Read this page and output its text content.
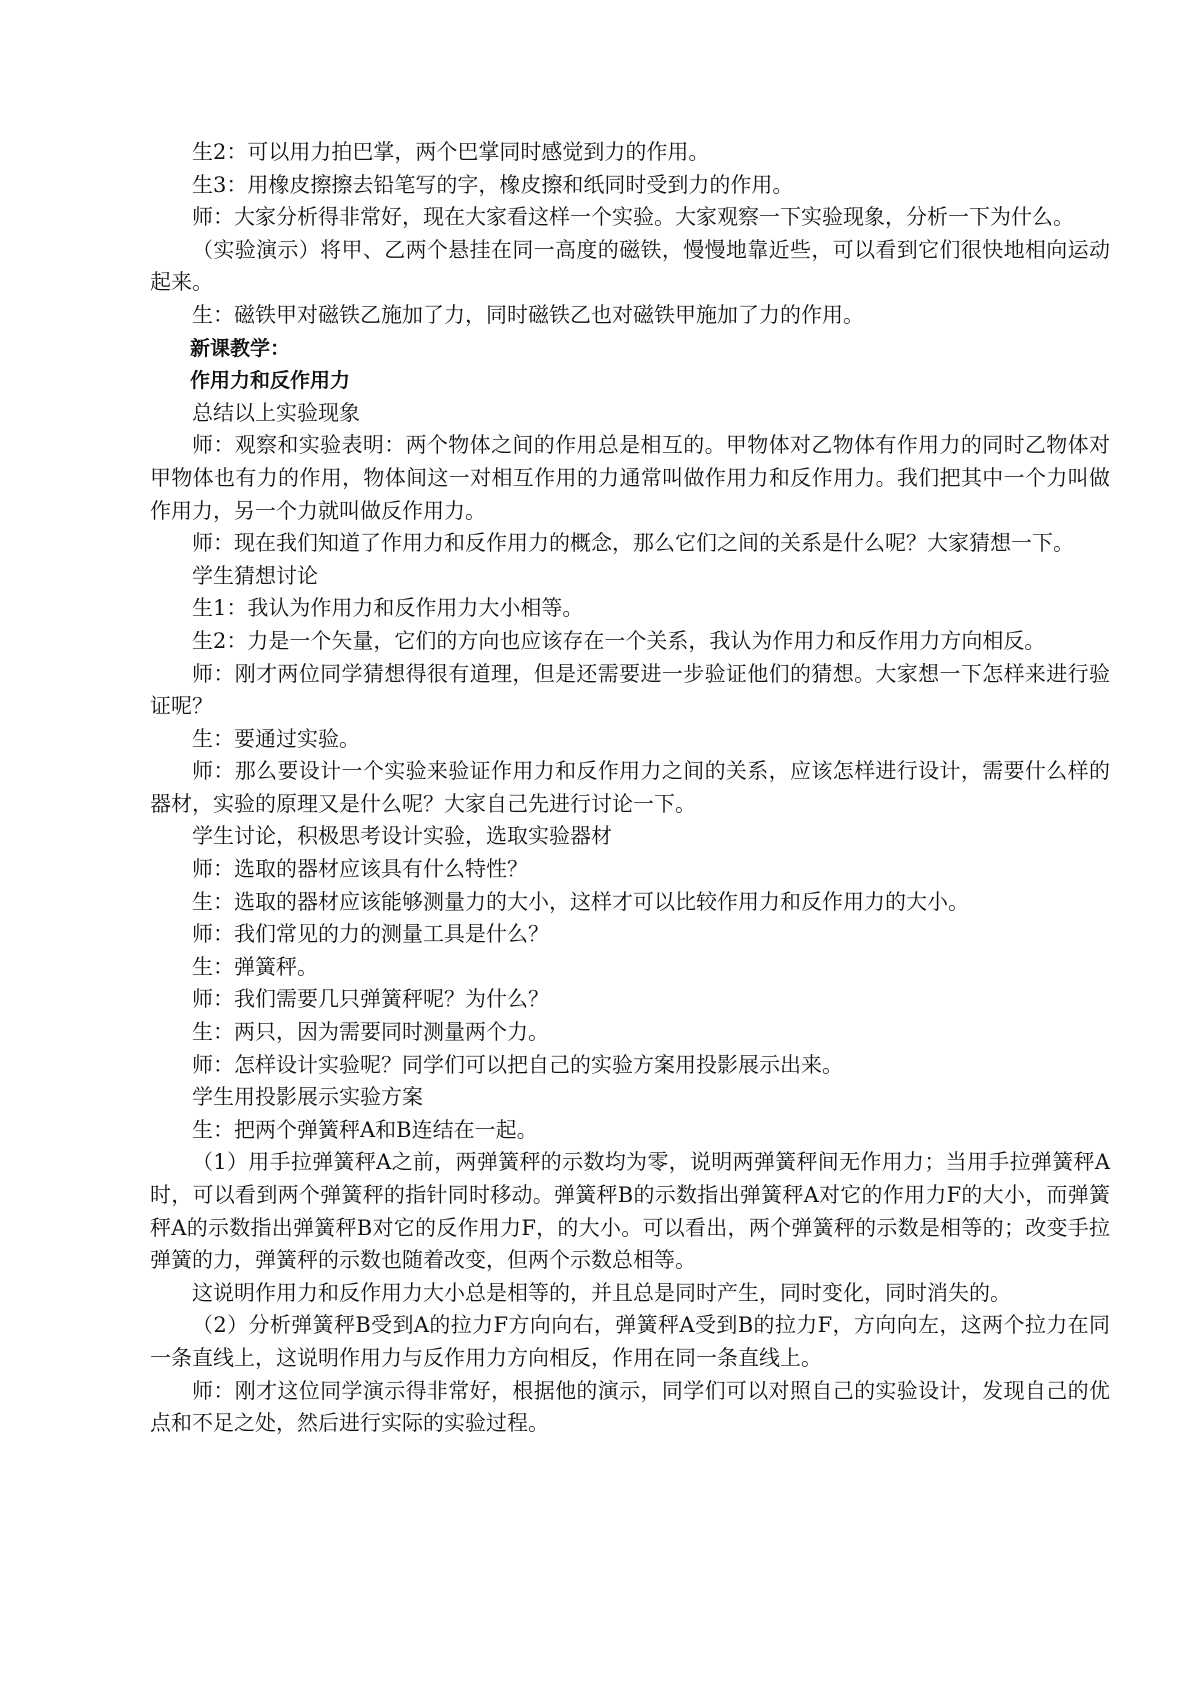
生2：可以用力拍巴掌，两个巴掌同时感觉到力的作用。

生3：用橡皮擦擦去铅笔写的字，橡皮擦和纸同时受到力的作用。

师：大家分析得非常好，现在大家看这样一个实验。大家观察一下实验现象，分析一下为什么。

（实验演示）将甲、乙两个悬挂在同一高度的磁铁，慢慢地靠近些，可以看到它们很快地相向运动起来。

生：磁铁甲对磁铁乙施加了力，同时磁铁乙也对磁铁甲施加了力的作用。

新课教学：

作用力和反作用力

总结以上实验现象

师：观察和实验表明：两个物体之间的作用总是相互的。甲物体对乙物体有作用力的同时乙物体对甲物体也有力的作用，物体间这一对相互作用的力通常叫做作用力和反作用力。我们把其中一个力叫做作用力，另一个力就叫做反作用力。

师：现在我们知道了作用力和反作用力的概念，那么它们之间的关系是什么呢？大家猜想一下。

学生猜想讨论

生1：我认为作用力和反作用力大小相等。

生2：力是一个矢量，它们的方向也应该存在一个关系，我认为作用力和反作用力方向相反。

师：刚才两位同学猜想得很有道理，但是还需要进一步验证他们的猜想。大家想一下怎样来进行验证呢？

生：要通过实验。

师：那么要设计一个实验来验证作用力和反作用力之间的关系，应该怎样进行设计，需要什么样的器材，实验的原理又是什么呢？大家自己先进行讨论一下。

学生讨论，积极思考设计实验，选取实验器材

师：选取的器材应该具有什么特性？

生：选取的器材应该能够测量力的大小，这样才可以比较作用力和反作用力的大小。

师：我们常见的力的测量工具是什么？

生：弹簧秤。

师：我们需要几只弹簧秤呢？为什么？

生：两只，因为需要同时测量两个力。

师：怎样设计实验呢？同学们可以把自己的实验方案用投影展示出来。

学生用投影展示实验方案

生：把两个弹簧秤A和B连结在一起。

（1）用手拉弹簧秤A之前，两弹簧秤的示数均为零，说明两弹簧秤间无作用力；当用手拉弹簧秤A时，可以看到两个弹簧秤的指针同时移动。弹簧秤B的示数指出弹簧秤A对它的作用力F的大小，而弹簧秤A的示数指出弹簧秤B对它的反作用力F，的大小。可以看出，两个弹簧秤的示数是相等的；改变手拉弹簧的力，弹簧秤的示数也随着改变，但两个示数总相等。

这说明作用力和反作用力大小总是相等的，并且总是同时产生，同时变化，同时消失的。

（2）分析弹簧秤B受到A的拉力F方向向右，弹簧秤A受到B的拉力F，方向向左，这两个拉力在同一条直线上，这说明作用力与反作用力方向相反，作用在同一条直线上。

师：刚才这位同学演示得非常好，根据他的演示，同学们可以对照自己的实验设计，发现自己的优点和不足之处，然后进行实际的实验过程。
